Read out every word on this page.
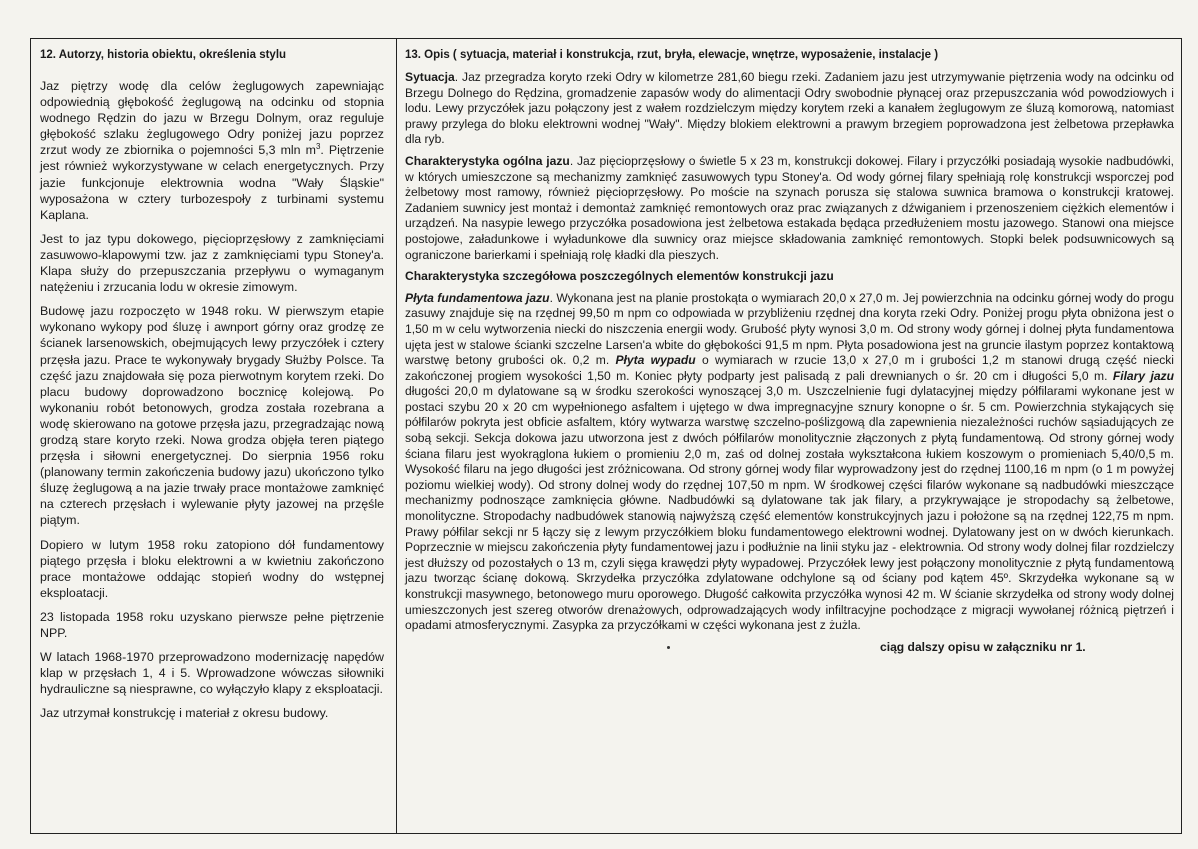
12. Autorzy, historia obiektu, określenia stylu

Jaz piętrzy wodę dla celów żeglugowych zapewniając odpowiednią głębokość żeglugową na odcinku od stopnia wodnego Rędzin do jazu w Brzegu Dolnym, oraz reguluje głębokość szlaku żeglugowego Odry poniżej jazu poprzez zrzut wody ze zbiornika o pojemności 5,3 mln $m^3$. Piętrzenie jest również wykorzystywane w celach energetycznych. Przy jazie funkcjonuje elektrownia wodna "Wały Śląskie" wyposażona w cztery turbozespoły z turbinami systemu Kaplana.

Jest to jaz typu dokowego, pięcioprzęsłowy z zamknięciami zasuwowo-klapowymi tzw. jaz z zamknięciami typu Stoney'a. Klapa służy do przepuszczania przepływu o wymaganym natężeniu i zrzucania lodu w okresie zimowym.

Budowę jazu rozpoczęto w 1948 roku. W pierwszym etapie wykonano wykopy pod śluzę i awnport górny oraz grodzę ze ścianek larsenowskich, obejmujących lewy przyczółek i cztery przęsła jazu. Prace te wykonywały brygady Służby Polsce. Ta część jazu znajdowała się poza pierwotnym korytem rzeki. Do placu budowy doprowadzono bocznicę kolejową. Po wykonaniu robót betonowych, grodza została rozebrana a wodę skierowano na gotowe przęsła jazu, przegradzając nową grodzą stare koryto rzeki. Nowa grodza objęła teren piątego przęsła i siłowni energetycznej. Do sierpnia 1956 roku (planowany termin zakończenia budowy jazu) ukończono tylko śluzę żeglugową a na jazie trwały prace montażowe zamknięć na czterech przęsłach i wylewanie płyty jazowej na przęśle piątym.

Dopiero w lutym 1958 roku zatopiono dół fundamentowy piątego przęsła i bloku elektrowni a w kwietniu zakończono prace montażowe oddając stopień wodny do wstępnej eksploatacji.

23 listopada 1958 roku uzyskano pierwsze pełne piętrzenie NPP.

W latach 1968-1970 przeprowadzono modernizację napędów klap w przęsłach 1, 4 i 5. Wprowadzone wówczas siłowniki hydrauliczne są niesprawne, co wyłączyło klapy z eksploatacji.

Jaz utrzymał konstrukcję i materiał z okresu budowy.

13. Opis ( sytuacja, materiał i konstrukcja, rzut, bryła, elewacje, wnętrze, wyposażenie, instalacje )

Sytuacja. Jaz przegradza koryto rzeki Odry w kilometrze 281,60 biegu rzeki. Zadaniem jazu jest utrzymywanie piętrzenia wody na odcinku od Brzegu Dolnego do Rędzina, gromadzenie zapasów wody do alimentacji Odry swobodnie płynącej oraz przepuszczania wód powodziowych i lodu. Lewy przyczółek jazu połączony jest z wałem rozdzielczym między korytem rzeki a kanałem żeglugowym ze śluzą komorową, natomiast prawy przylega do bloku elektrowni wodnej "Wały". Między blokiem elektrowni a prawym brzegiem poprowadzona jest żelbetowa przepławka dla ryb.

Charakterystyka ogólna jazu. Jaz pięcioprzęsłowy o świetle 5 x 23 m, konstrukcji dokowej. Filary i przyczółki posiadają wysokie nadbudówki, w których umieszczone są mechanizmy zamknięć zasuwowych typu Stoney'a. Od wody górnej filary spełniają rolę konstrukcji wsporczej pod żelbetowy most ramowy, również pięcioprzęsłowy. Po moście na szynach porusza się stalowa suwnica bramowa o konstrukcji kratowej. Zadaniem suwnicy jest montaż i demontaż zamknięć remontowych oraz prac związanych z dźwiganiem i przenoszeniem ciężkich elementów i urządzeń. Na nasypie lewego przyczółka posadowiona jest żelbetowa estakada będąca przedłużeniem mostu jazowego. Stanowi ona miejsce postojowe, załadunkowe i wyładunkowe dla suwnicy oraz miejsce składowania zamknięć remontowych. Stopki belek podsuwnicowych są ograniczone barierkami i spełniają rolę kładki dla pieszych.

Charakterystyka szczegółowa poszczególnych elementów konstrukcji jazu

Płyta fundamentowa jazu. Wykonana jest na planie prostokąta o wymiarach 20,0 x 27,0 m. Jej powierzchnia na odcinku górnej wody do progu zasuwy znajduje się na rzędnej 99,50 m npm co odpowiada w przybliżeniu rzędnej dna koryta rzeki Odry. Poniżej progu płyta obniżona jest o 1,50 m w celu wytworzenia niecki do niszczenia energii wody. Grubość płyty wynosi 3,0 m. Od strony wody górnej i dolnej płyta fundamentowa ujęta jest w stalowe ścianki szczelne Larsen'a wbite do głębokości 91,5 m npm. Płyta posadowiona jest na gruncie ilastym poprzez kontaktową warstwę betony grubości ok. 0,2 m. Płyta wypadu o wymiarach w rzucie 13,0 x 27,0 m i grubości 1,2 m stanowi drugą część niecki zakończonej progiem wysokości 1,50 m. Koniec płyty podparty jest palisadą z pali drewnianych o śr. 20 cm i długości 5,0 m. Filary jazu długości 20,0 m dylatowane są w środku szerokości wynoszącej 3,0 m. Uszczelnienie fugi dylatacyjnej między półfilarami wykonane jest w postaci szybu 20 x 20 cm wypełnionego asfaltem i ujętego w dwa impregnacyjne sznury konopne o śr. 5 cm. Powierzchnia stykających się półfilarów pokryta jest obficie asfaltem, który wytwarza warstwę szczelno-poślizgową dla zapewnienia niezależności ruchów sąsiadujących ze sobą sekcji. Sekcja dokowa jazu utworzona jest z dwóch półfilarów monolitycznie złączonych z płytą fundamentową. Od strony górnej wody ściana filaru jest wyokrąglona łukiem o promieniu 2,0 m, zaś od dolnej została wykształcona łukiem koszowym o promieniach 5,40/0,5 m. Wysokość filaru na jego długości jest zróżnicowana. Od strony górnej wody filar wyprowadzony jest do rzędnej 1100,16 m npm (o 1 m powyżej poziomu wielkiej wody). Od strony dolnej wody do rzędnej 107,50 m npm. W środkowej części filarów wykonane są nadbudówki mieszczące mechanizmy podnoszące zamknięcia główne. Nadbudówki są dylatowane tak jak filary, a przykrywające je stropodachy są żelbetowe, monolityczne. Stropodachy nadbudówek stanowią najwyższą część elementów konstrukcyjnych jazu i położone są na rzędnej 122,75 m npm. Prawy półfilar sekcji nr 5 łączy się z lewym przyczółkiem bloku fundamentowego elektrowni wodnej. Dylatowany jest on w dwóch kierunkach. Poprzecznie w miejscu zakończenia płyty fundamentowej jazu i podłużnie na linii styku jaz - elektrownia. Od strony wody dolnej filar rozdzielczy jest dłuższy od pozostałych o 13 m, czyli sięga krawędzi płyty wypadowej. Przyczółek lewy jest połączony monolitycznie z płytą fundamentową jazu tworząc ścianę dokową. Skrzydełka przyczółka zdylatowane odchylone są od ściany pod kątem 45º. Skrzydełka wykonane są w konstrukcji masywnego, betonowego muru oporowego. Długość całkowita przyczółka wynosi 42 m. W ścianie skrzydełka od strony wody dolnej umieszczonych jest szereg otworów drenażowych, odprowadzających wody infiltracyjne pochodzące z migracji wywołanej różnicą piętrzeń i opadami atmosferycznymi. Zasypka za przyczółkami w części wykonana jest z żużla.

ciąg dalszy opisu w załączniku nr 1.
